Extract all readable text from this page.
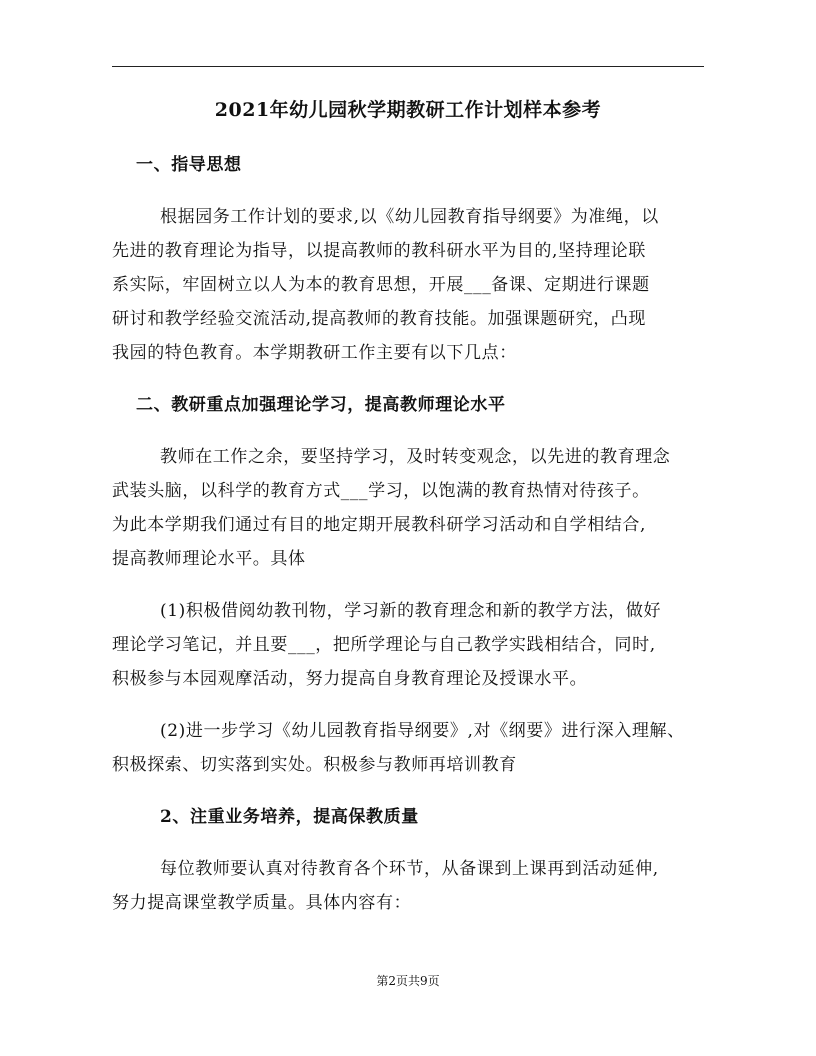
2021年幼儿园秋学期教研工作计划样本参考
一、指导思想
根据园务工作计划的要求,以《幼儿园教育指导纲要》为准绳，以
先进的教育理论为指导，以提高教师的教科研水平为目的,坚持理论联
系实际，牢固树立以人为本的教育思想，开展___备课、定期进行课题
研讨和教学经验交流活动,提高教师的教育技能。加强课题研究，凸现
我园的特色教育。本学期教研工作主要有以下几点：
二、教研重点加强理论学习，提高教师理论水平
教师在工作之余，要坚持学习，及时转变观念，以先进的教育理念
武装头脑，以科学的教育方式___学习，以饱满的教育热情对待孩子。
为此本学期我们通过有目的地定期开展教科研学习活动和自学相结合,
提高教师理论水平。具体
(1)积极借阅幼教刊物，学习新的教育理念和新的教学方法，做好
理论学习笔记，并且要___，把所学理论与自己教学实践相结合，同时,
积极参与本园观摩活动，努力提高自身教育理论及授课水平。
(2)进一步学习《幼儿园教育指导纲要》,对《纲要》进行深入理解、
积极探索、切实落到实处。积极参与教师再培训教育
2、注重业务培养，提高保教质量
每位教师要认真对待教育各个环节，从备课到上课再到活动延伸,
努力提高课堂教学质量。具体内容有：
第2页共9页
